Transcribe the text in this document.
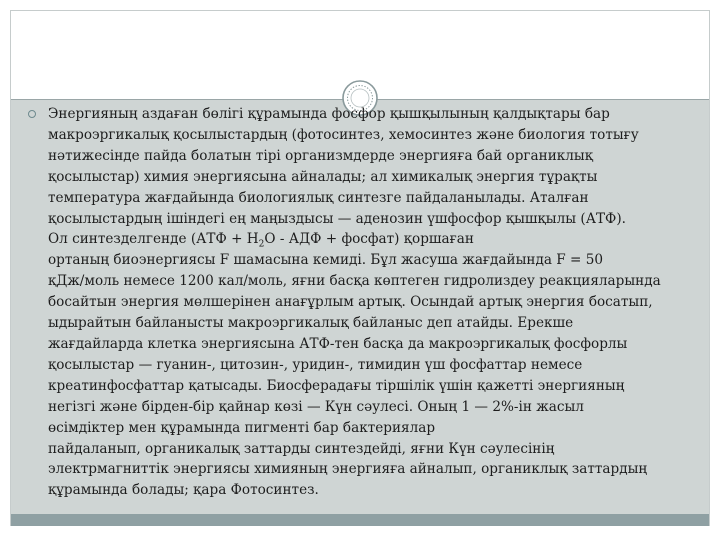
Энергияның аздаған бөлігі құрамында фосфор қышқылының қалдықтары бар
макроэргикалық қосылыстардың (фотосинтез, хемосинтез және биология тотығу
нәтижесінде пайда болатын тірі организмдерде энергияға бай органиклық
қосылыстар) химия энергиясына айналады; ал химикалық энергия тұрақты
температура жағдайында биологиялық синтезге пайдаланылады. Аталған
қосылыстардың ішіндегі ең маңыздысы — аденозин үшфосфор қышқылы (АТФ).
Ол синтезделгенде ($АТФ + Н_2О$ - АДФ + фосфат) қоршаған
ортаның биоэнергиясы F шамасына кемиді. Бұл жасуша жағдайында F = 50
қДж/моль немесе 1200 кал/моль, яғни басқа көптеген гидролиздеу реакцияларында
босайтын энергия мөлшерінен анағұрлым артық. Осындай артық энергия босатып,
ыдырайтын байланысты макроэргикалық байланыс деп атайды. Ерекше
жағдайларда клетка энергиясына АТФ-тен басқа да макроэргикалық фосфорлы
қосылыстар — гуанин-, цитозин-, уридин-, тимидин үш фосфаттар немесе
креатинфосфаттар қатысады. Биосферадағы тіршілік үшін қажетті энергияның
негізгі және бірден-бір қайнар көзі — Күн сәулесі. Оның 1 — 2%-ін жасыл
өсімдіктер мен құрамында пигменті бар бактериялар
пайдаланып, органикалық заттарды синтездейді, яғни Күн сәулесінің
электрмагниттік энергиясы химияның энергияға айналып, органиклық заттардың
құрамында болады; қара Фотосинтез.
